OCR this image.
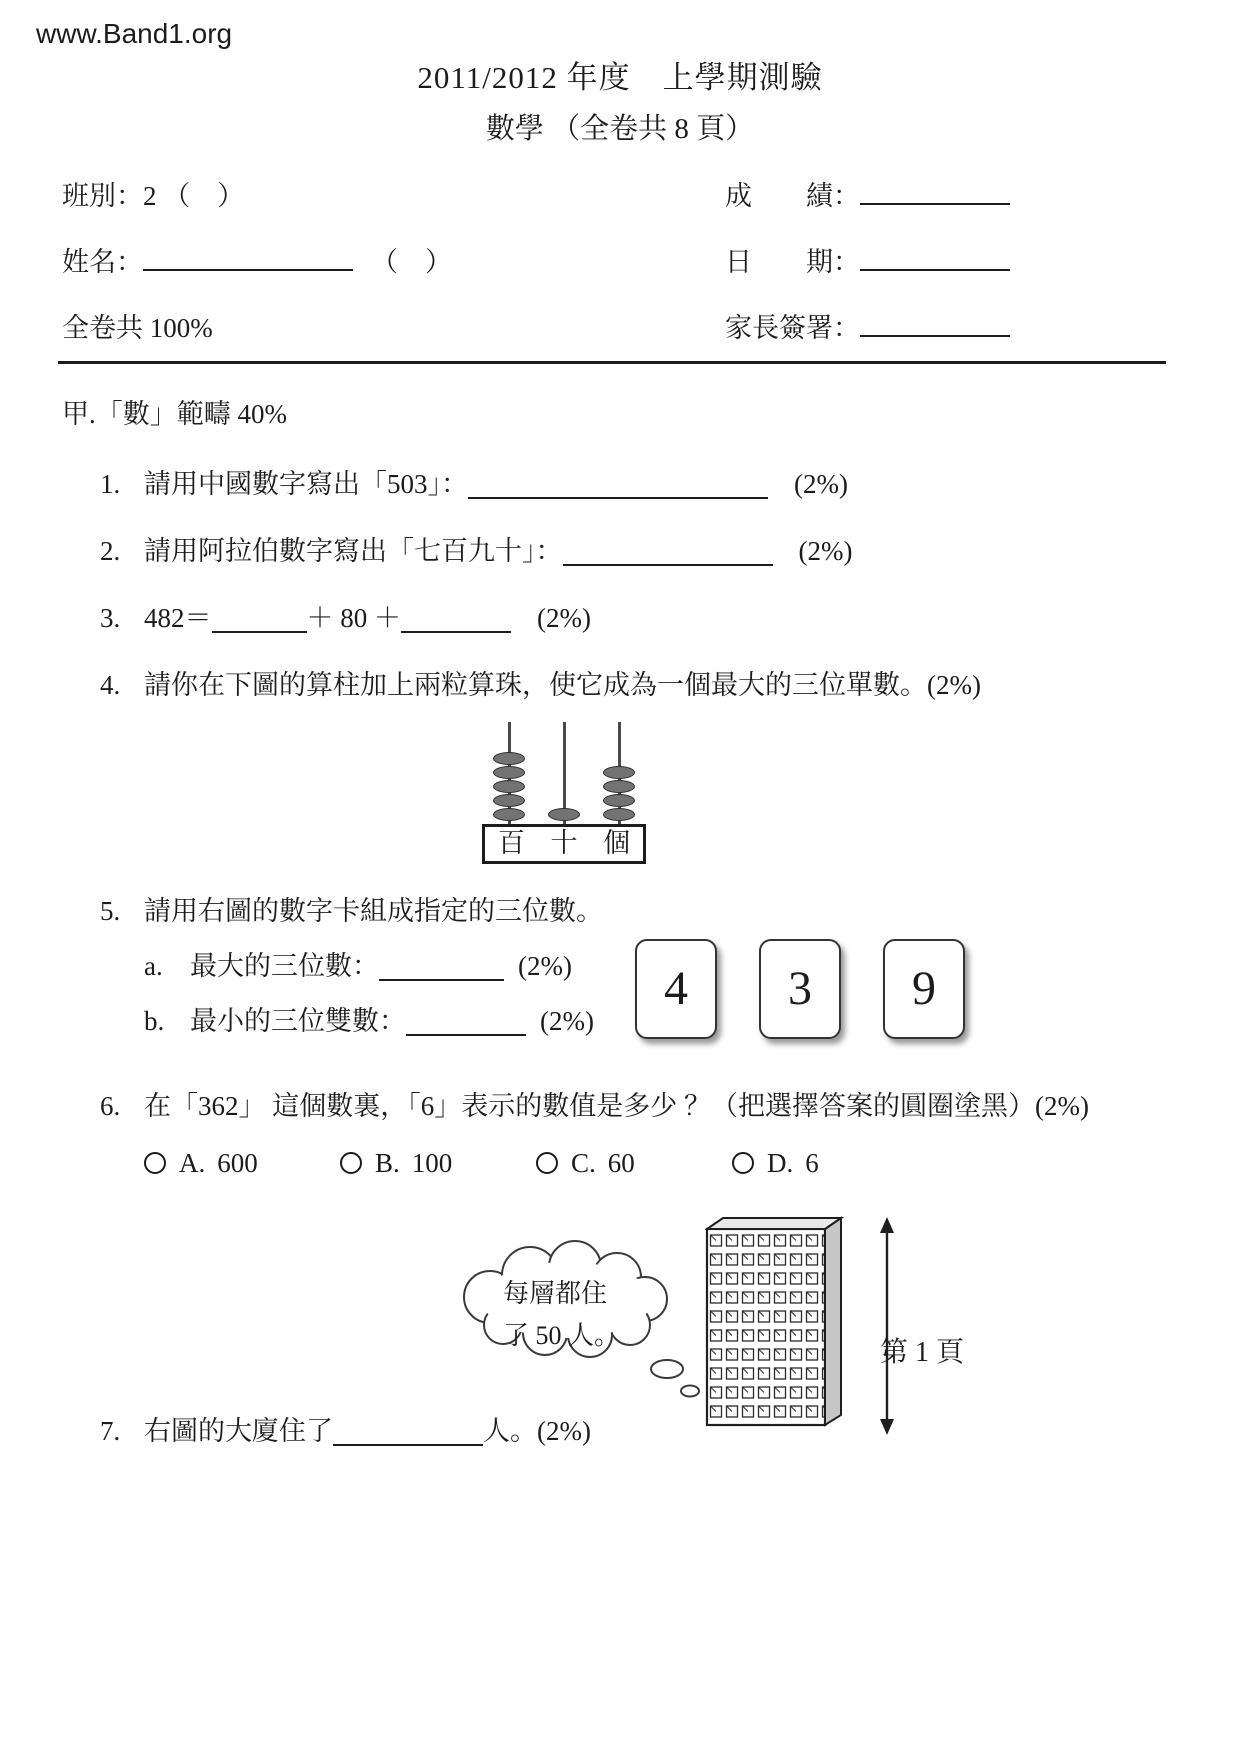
www.Band1.org
2011/2012 年度　上學期測驗
數學 （全卷共 8 頁）
班別：2 （　）	成　　績：
姓名：	（　）	日　　期：
全卷共 100%	家長簽署：
甲.「數」範疇 40%
1. 請用中國數字寫出「503」：	(2%)
2. 請用阿拉伯數字寫出「七百九十」：	(2%)
3. 482＝	＋ 80 ＋	(2%)
4. 請你在下圖的算柱加上兩粒算珠，使它成為一個最大的三位單數。(2%)
百 十 個
5. 請用右圖的數字卡組成指定的三位數。
a.	最大的三位數：	(2%)
b. 最小的三位雙數：	(2%)
4	3	9
6. 在「362」 這個數裏，「6」表示的數值是多少 ？（把選擇答案的圓圈塗黑）(2%)
A. 600	B. 100	C. 60	D. 6
每層都住
了 50 人。
7. 右圖的大廈住了	人。(2%)
第 1 頁
